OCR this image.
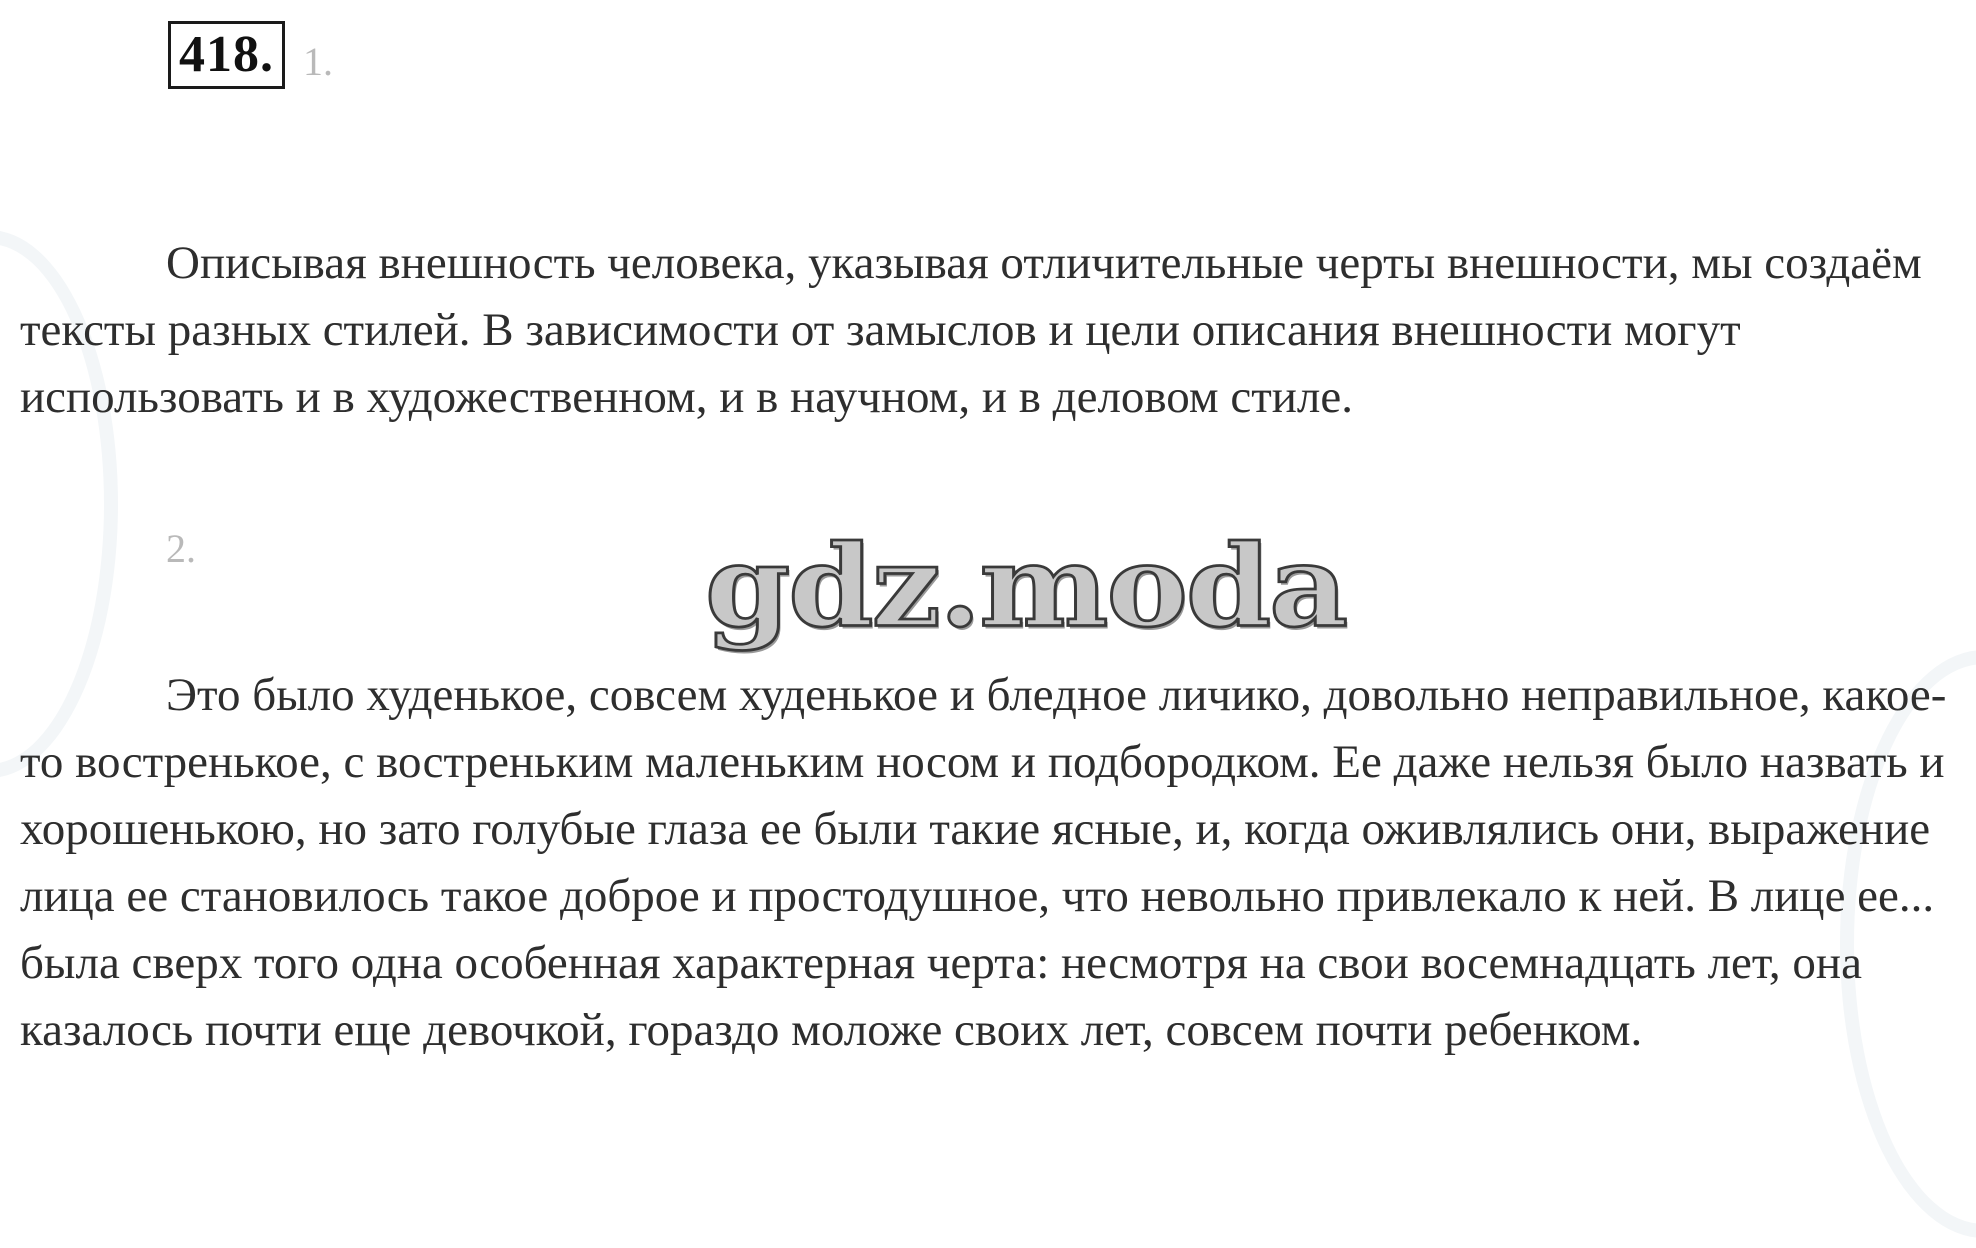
418. 1.

Описывая внешность человека, указывая отличительные черты внешности, мы создаём тексты разных стилей. В зависимости от замыслов и цели описания внешности могут использовать и в художественном, и в научном, и в деловом стиле.

2.	gdz.moda

Это было худенькое, совсем худенькое и бледное личико, довольно неправильное, какое-то востренькое, с востреньким маленьким носом и подбородком. Ее даже нельзя было назвать и хорошенькою, но зато голубые глаза ее были такие ясные, и, когда оживлялись они, выражение лица ее становилось такое доброе и простодушное, что невольно привлекало к ней. В лице ее... была сверх того одна особенная характерная черта: несмотря на свои восемнадцать лет, она казалось почти еще девочкой, гораздо моложе своих лет, совсем почти ребенком.
